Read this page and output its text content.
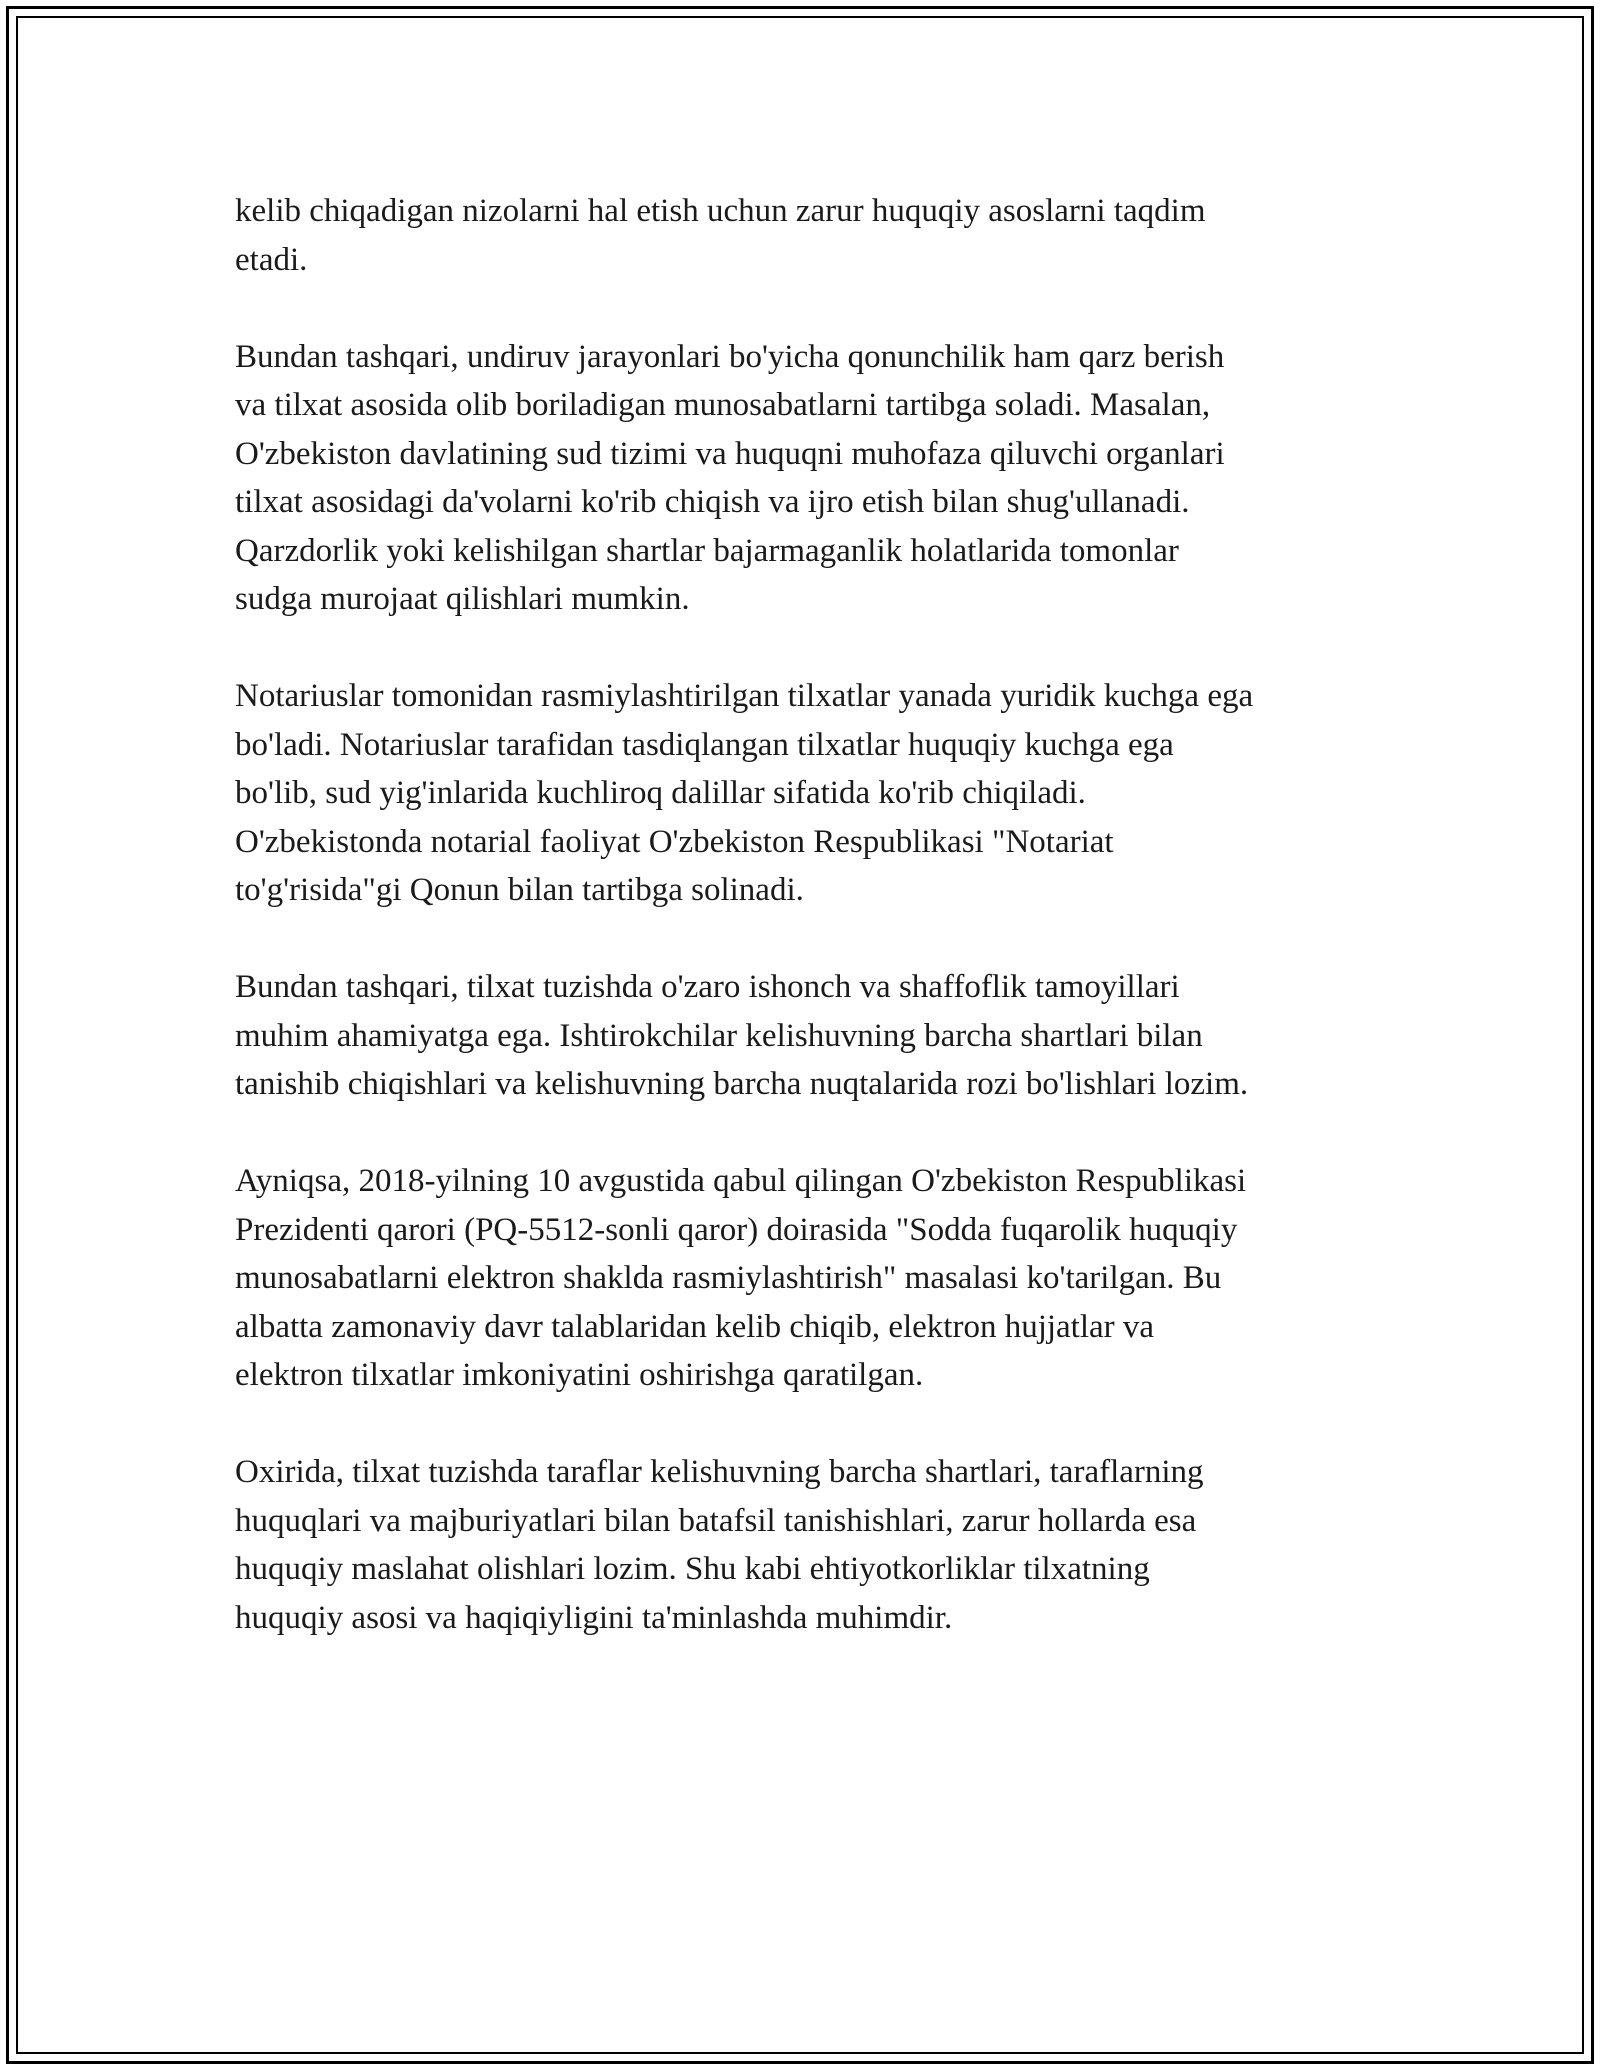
kelib chiqadigan nizolarni hal etish uchun zarur huquqiy asoslarni taqdim
etadi.

Bundan tashqari, undiruv jarayonlari bo'yicha qonunchilik ham qarz berish
va tilxat asosida olib boriladigan munosabatlarni tartibga soladi. Masalan,
O'zbekiston davlatining sud tizimi va huquqni muhofaza qiluvchi organlari
tilxat asosidagi da'volarni ko'rib chiqish va ijro etish bilan shug'ullanadi.
Qarzdorlik yoki kelishilgan shartlar bajarmaganlik holatlarida tomonlar
sudga murojaat qilishlari mumkin.

Notariuslar tomonidan rasmiylashtirilgan tilxatlar yanada yuridik kuchga ega
bo'ladi. Notariuslar tarafidan tasdiqlangan tilxatlar huquqiy kuchga ega
bo'lib, sud yig'inlarida kuchliroq dalillar sifatida ko'rib chiqiladi.
O'zbekistonda notarial faoliyat O'zbekiston Respublikasi "Notariat
to'g'risida"gi Qonun bilan tartibga solinadi.

Bundan tashqari, tilxat tuzishda o'zaro ishonch va shaffoflik tamoyillari
muhim ahamiyatga ega. Ishtirokchilar kelishuvning barcha shartlari bilan
tanishib chiqishlari va kelishuvning barcha nuqtalarida rozi bo'lishlari lozim.

Ayniqsa, 2018-yilning 10 avgustida qabul qilingan O'zbekiston Respublikasi
Prezidenti qarori (PQ-5512-sonli qaror) doirasida "Sodda fuqarolik huquqiy
munosabatlarni elektron shaklda rasmiylashtirish" masalasi ko'tarilgan. Bu
albatta zamonaviy davr talablaridan kelib chiqib, elektron hujjatlar va
elektron tilxatlar imkoniyatini oshirishga qaratilgan.

Oxirida, tilxat tuzishda taraflar kelishuvning barcha shartlari, taraflarning
huquqlari va majburiyatlari bilan batafsil tanishishlari, zarur hollarda esa
huquqiy maslahat olishlari lozim. Shu kabi ehtiyotkorliklar tilxatning
huquqiy asosi va haqiqiyligini ta'minlashda muhimdir.
